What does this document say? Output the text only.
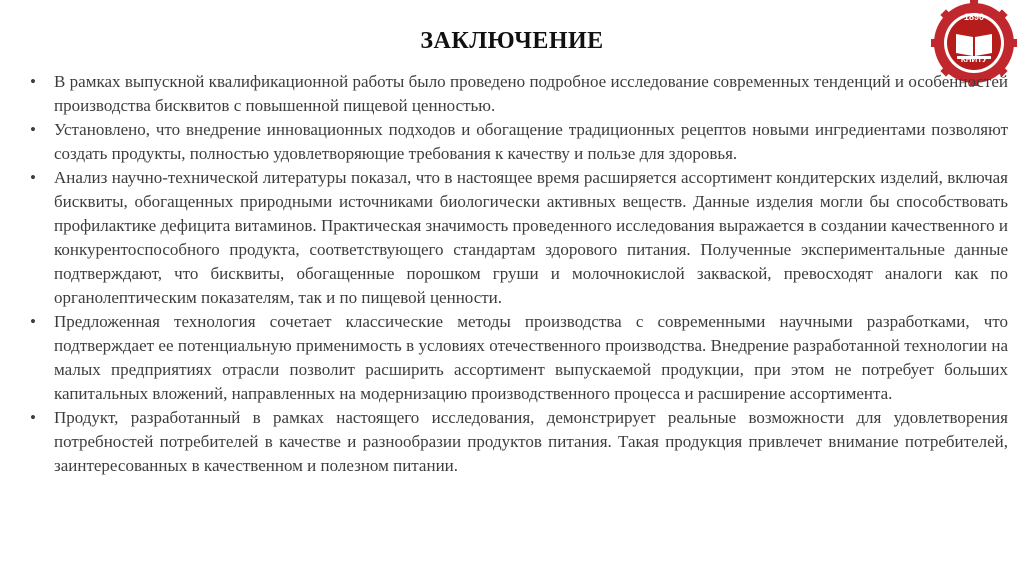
ЗАКЛЮЧЕНИЕ
1890
КНИТУ
• В рамках выпускной квалификационной работы было проведено подробное исследование современных тенденций и особенностей производства бисквитов с повышенной пищевой ценностью.
• Установлено, что внедрение инновационных подходов и обогащение традиционных рецептов новыми ингредиентами позволяют создать продукты, полностью удовлетворяющие требования к качеству и пользе для здоровья.
• Анализ научно-технической литературы показал, что в настоящее время расширяется ассортимент кондитерских изделий, включая бисквиты, обогащенных природными источниками биологически активных веществ. Данные изделия могли бы способствовать профилактике дефицита витаминов. Практическая значимость проведенного исследования выражается в создании качественного и конкурентоспособного продукта, соответствующего стандартам здорового питания. Полученные экспериментальные данные подтверждают, что бисквиты, обогащенные порошком груши и молочнокислой закваской, превосходят аналоги как по органолептическим показателям, так и по пищевой ценности.
• Предложенная технология сочетает классические методы производства с современными научными разработками, что подтверждает ее потенциальную применимость в условиях отечественного производства. Внедрение разработанной технологии на малых предприятиях отрасли позволит расширить ассортимент выпускаемой продукции, при этом не потребует больших капитальных вложений, направленных на модернизацию производственного процесса и расширение ассортимента.
• Продукт, разработанный в рамках настоящего исследования, демонстрирует реальные возможности для удовлетворения потребностей потребителей в качестве и разнообразии продуктов питания. Такая продукция привлечет внимание потребителей, заинтересованных в качественном и полезном питании.
